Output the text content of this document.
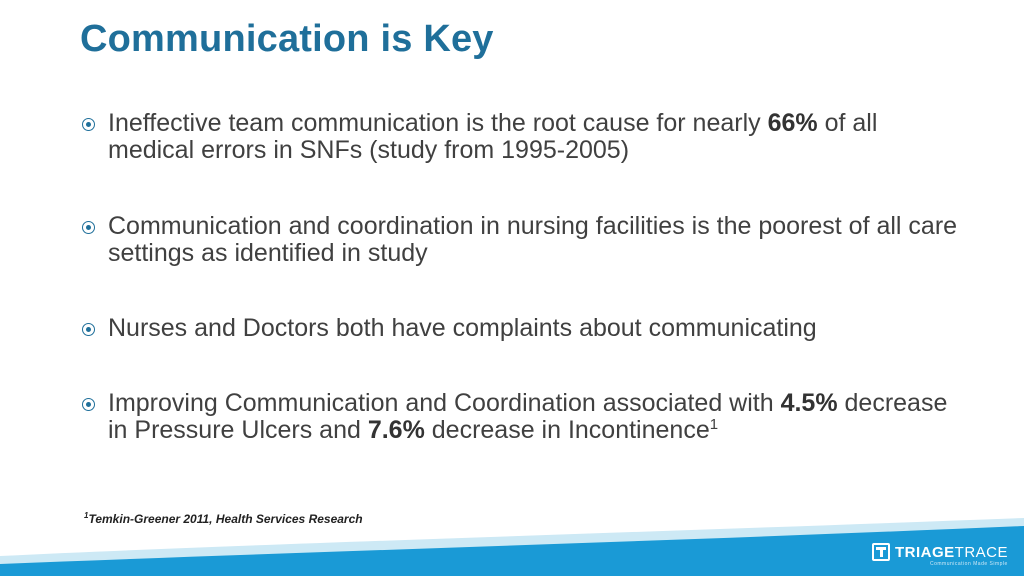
Communication is Key
Ineffective team communication is the root cause for nearly 66% of all medical errors in SNFs (study from 1995-2005)
Communication and coordination in nursing facilities is the poorest of all care settings as identified in study
Nurses and Doctors both have complaints about communicating
Improving Communication and Coordination associated with 4.5% decrease in Pressure Ulcers and 7.6% decrease in Incontinence$^1$
$^1$Temkin-Greener 2011, Health Services Research
TRIAGETRACE
Communication Made Simple
